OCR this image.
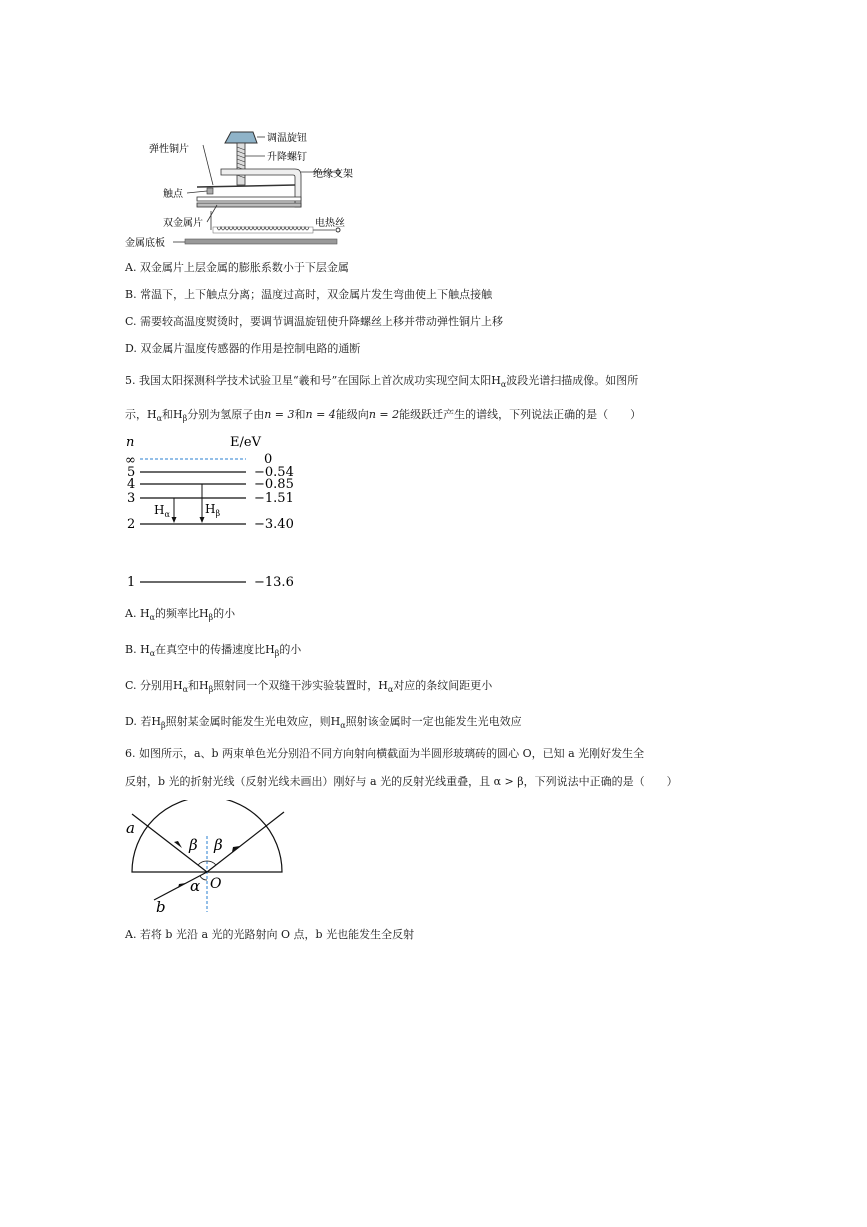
调温旋钮
升降螺钉
绝缘支架
弹性铜片
触点
双金属片	电热丝
金属底板
A. 双金属片上层金属的膨胀系数小于下层金属
B. 常温下，上下触点分离；温度过高时，双金属片发生弯曲使上下触点接触
C. 需要较高温度熨烫时，要调节调温旋钮使升降螺丝上移并带动弹性铜片上移
D. 双金属片温度传感器的作用是控制电路的通断
5. 我国太阳探测科学技术试验卫星“羲和号”在国际上首次成功实现空间太阳$H_\alpha$波段光谱扫描成像。如图所
示，$H_\alpha$和$H_\beta$分别为氢原子由n = 3和n = 4能级向n = 2能级跃迁产生的谱线，下列说法正确的是（　　）
n	E/eV
∞
5
4
3
2
1
0
−0.54
−0.85
−1.51
−3.40
−13.6
$H_\alpha$	$H_\beta$
A. $H_\alpha$的频率比$H_\beta$的小
B. $H_\alpha$在真空中的传播速度比$H_\beta$的小
C. 分别用$H_\alpha$和$H_\beta$照射同一个双缝干涉实验装置时，$H_\alpha$对应的条纹间距更小
D. 若$H_\beta$照射某金属时能发生光电效应，则$H_\alpha$照射该金属时一定也能发生光电效应
6. 如图所示，a、b 两束单色光分别沿不同方向射向横截面为半圆形玻璃砖的圆心 O，已知 a 光刚好发生全
反射，b 光的折射光线（反射光线未画出）刚好与 a 光的反射光线重叠，且 α > β，下列说法中正确的是（　　）
a
b
O
β β
α
A. 若将 b 光沿 a 光的光路射向 O 点，b 光也能发生全反射
